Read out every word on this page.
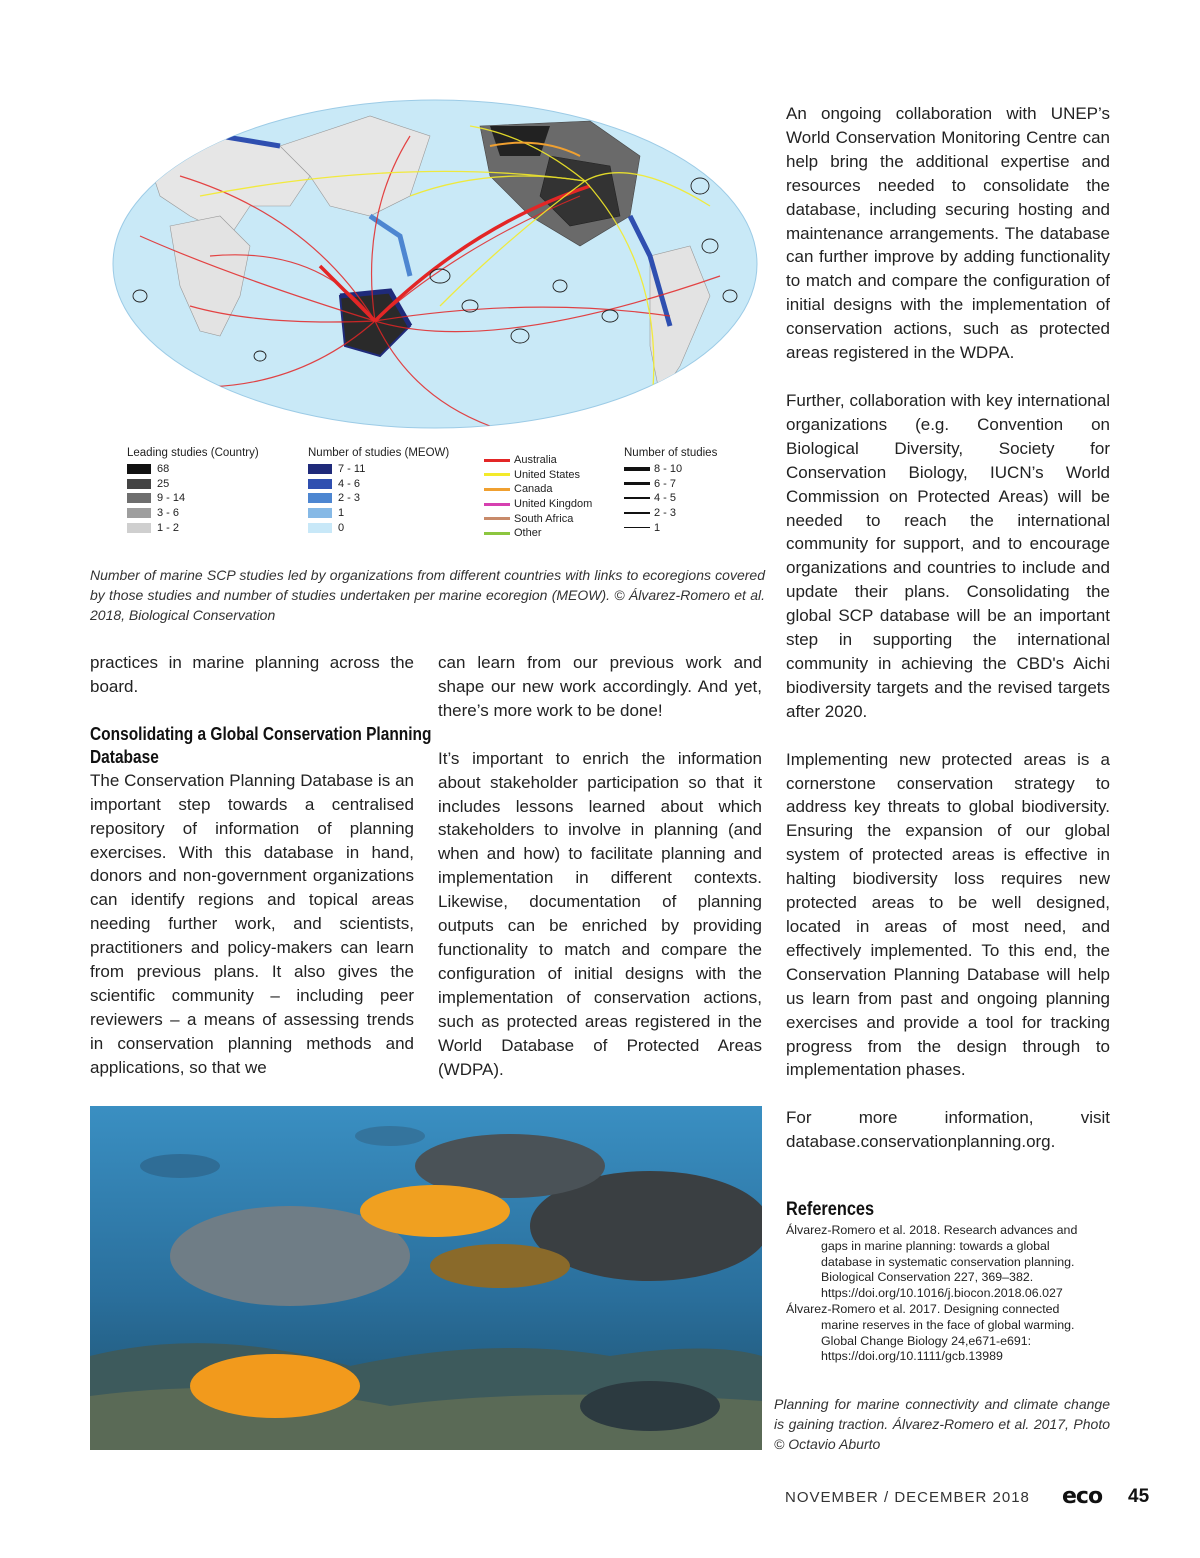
Leading studies (Country)
68
25
9 - 14
3 - 6
1 - 2
Number of studies (MEOW)
7 - 11
4 - 6
2 - 3
1
0
Australia
United States
Canada
United Kingdom
South Africa
Other
Number of studies
8 - 10
6 - 7
4 - 5
2 - 3
1
Number of marine SCP studies led by organizations from different countries with links to ecoregions covered by those studies and number of studies undertaken per marine ecoregion (MEOW). © Álvarez-Romero et al. 2018, Biological Conservation

practices in marine planning across the board.

Consolidating a Global Conservation Planning
Database

The Conservation Planning Database is an important step towards a centralised repository of information of planning exercises. With this database in hand, donors and non-government organizations can identify regions and topical areas needing further work, and scientists, practitioners and policy-makers can learn from previous plans. It also gives the scientific community – including peer reviewers – a means of assessing trends in conservation planning methods and applications, so that we

can learn from our previous work and shape our new work accordingly. And yet, there’s more work to be done!

It’s important to enrich the information about stakeholder participation so that it includes lessons learned about which stakeholders to involve in planning (and when and how) to facilitate planning and implementation in different contexts. Likewise, documentation of planning outputs can be enriched by providing functionality to match and compare the configuration of initial designs with the implementation of conservation actions, such as protected areas registered in the World Database of Protected Areas (WDPA).

An ongoing collaboration with UNEP’s World Conservation Monitoring Centre can help bring the additional expertise and resources needed to consolidate the database, including securing hosting and maintenance arrangements. The database can further improve by adding functionality to match and compare the configuration of initial designs with the implementation of conservation actions, such as protected areas registered in the WDPA.

Further, collaboration with key international organizations (e.g. Convention on Biological Diversity, Society for Conservation Biology, IUCN’s World Commission on Protected Areas) will be needed to reach the international community for support, and to encourage organizations and countries to include and update their plans. Consolidating the global SCP database will be an important step in supporting the international community in achieving the CBD's Aichi biodiversity targets and the revised targets after 2020.

Implementing new protected areas is a cornerstone conservation strategy to address key threats to global biodiversity. Ensuring the expansion of our global system of protected areas is effective in halting biodiversity loss requires new protected areas to be well designed, located in areas of most need, and effectively implemented. To this end, the Conservation Planning Database will help us learn from past and ongoing planning exercises and provide a tool for tracking progress from the design through to implementation phases.

For more information, visit database.conservationplanning.org.

References

Álvarez-Romero et al. 2018. Research advances and gaps in marine planning: towards a global database in systematic conservation planning. Biological Conservation 227, 369–382. https://doi.org/10.1016/j.biocon.2018.06.027

Álvarez-Romero et al. 2017. Designing connected marine reserves in the face of global warming. Global Change Biology 24,e671-e691: https://doi.org/10.1111/gcb.13989

Planning for marine connectivity and climate change is gaining traction. Álvarez-Romero et al. 2017, Photo © Octavio Aburto
NOVEMBER / DECEMBER 2018 eco 45
